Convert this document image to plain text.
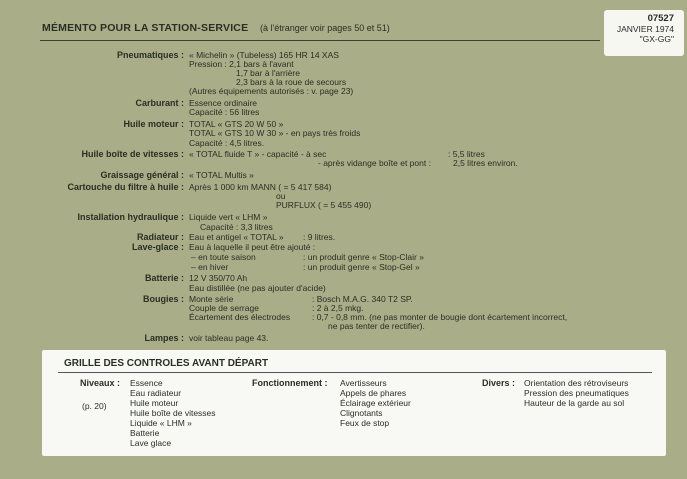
MÉMENTO POUR LA STATION-SERVICE (à l'étranger voir pages 50 et 51)
07527
JANVIER 1974
"GX-GG"
Pneumatiques : « Michelin » (Tubeless) 165 HR 14 XAS
Pression : 2,1 bars à l'avant
1,7 bar à l'arrière
2,3 bars à la roue de secours
(Autres équipements autorisés : v. page 23)
Carburant : Essence ordinaire
Capacité : 56 litres
Huile moteur : TOTAL « GTS 20 W 50 »
TOTAL « GTS 10 W 30 » - en pays très froids
Capacité : 4,5 litres.
Huile boîte de vitesses : « TOTAL fluide T » - capacité - à sec
- après vidange boîte et pont :
: 5,5 litres
2,5 litres environ.
Graissage général : « TOTAL Multis »
Cartouche du filtre à huile : Après 1 000 km MANN ( = 5 417 584)
ou
PURFLUX ( = 5 455 490)
Installation hydraulique : Liquide vert « LHM »
Capacité : 3,3 litres
Radiateur : Eau et antigel « TOTAL » : 9 litres.
Lave-glace : Eau à laquelle il peut être ajouté :
– en toute saison	: un produit genre « Stop-Clair »
– en hiver	: un produit genre « Stop-Gel »
Batterie : 12 V 350/70 Ah
Eau distillée (ne pas ajouter d'acide)
Bougies : Monte série
Couple de serrage
Écartement des électrodes
: Bosch M.A.G. 340 T2 SP.
: 2 à 2,5 mkg.
: 0,7 - 0,8 mm. (ne pas monter de bougie dont écartement incorrect,
ne pas tenter de rectifier).
Lampes : voir tableau page 43.
GRILLE DES CONTROLES AVANT DÉPART
Niveaux :
(p. 20)
Essence
Eau radiateur
Huile moteur
Huile boîte de vitesses
Liquide « LHM »
Batterie
Lave glace
Fonctionnement : Avertisseurs
Appels de phares
Éclairage extérieur
Clignotants
Feux de stop
Divers : Orientation des rétroviseurs
Pression des pneumatiques
Hauteur de la garde au sol
